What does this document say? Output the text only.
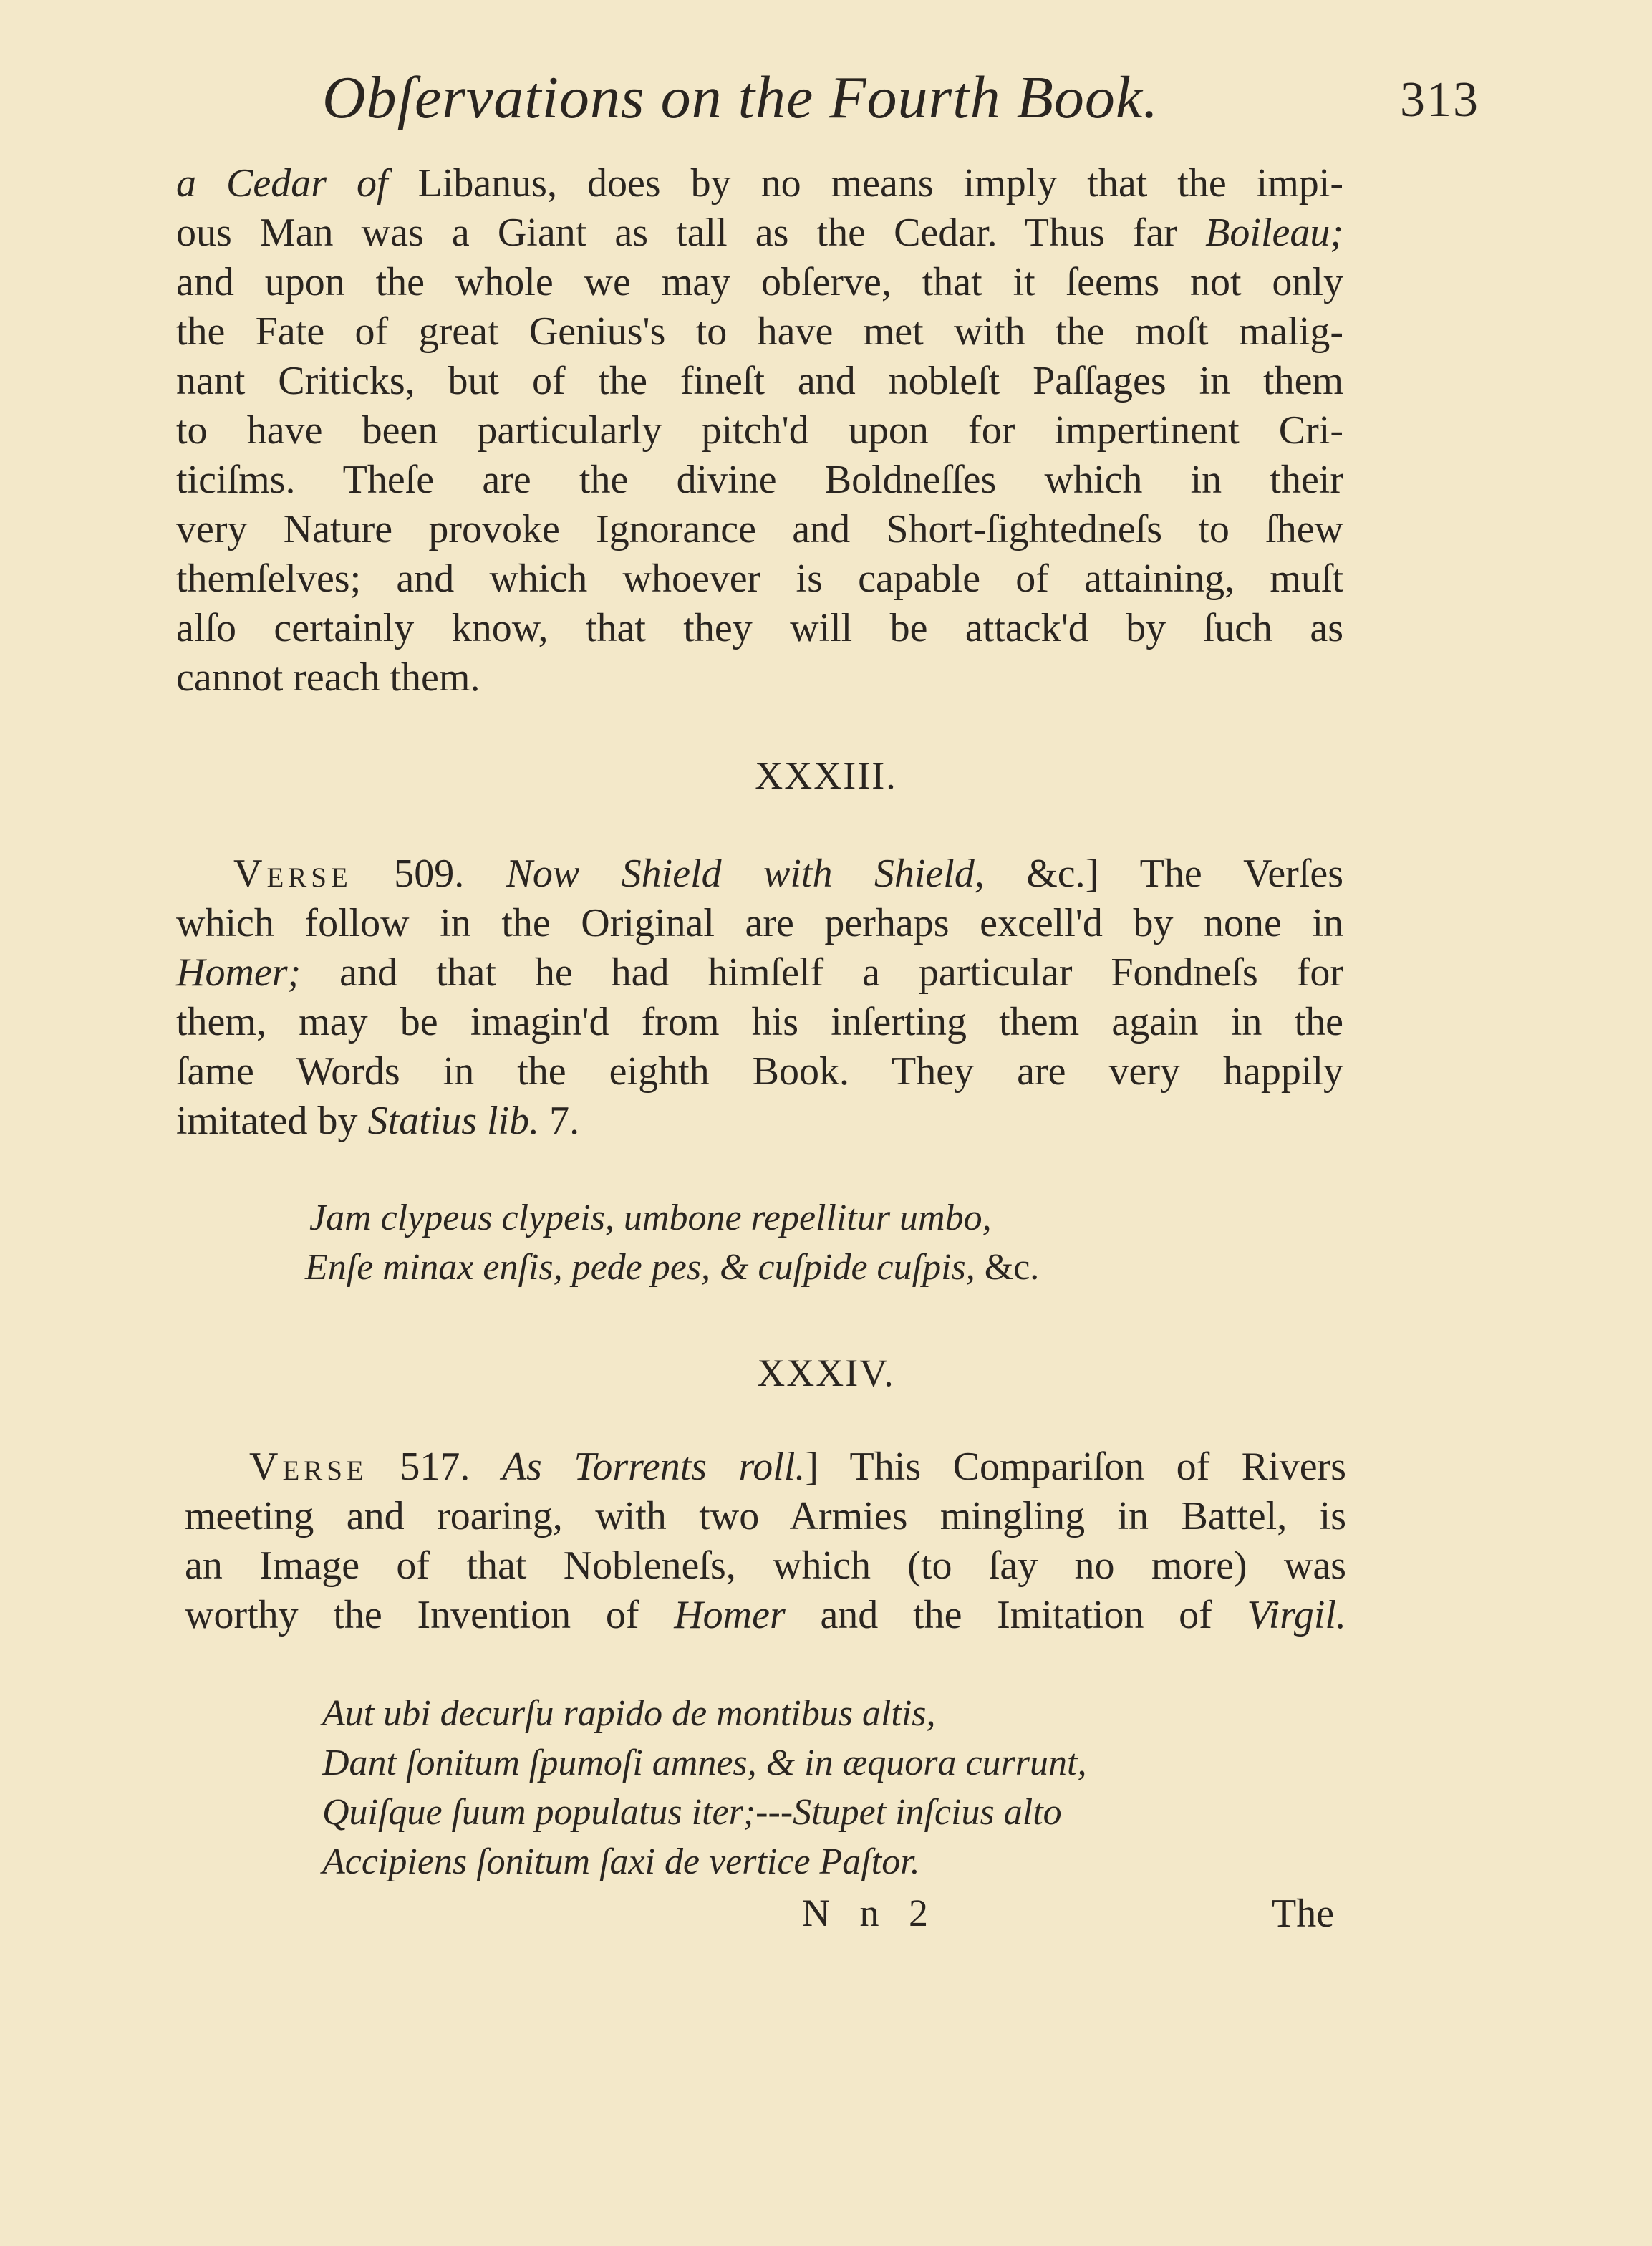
Obſervations on the Fourth Book.	313
a Cedar of Libanus, does by no means imply that the impi-
ous Man was a Giant as tall as the Cedar. Thus far Boileau;
and upon the whole we may obſerve, that it ſeems not only
the Fate of great Genius's to have met with the moſt malig-
nant Criticks, but of the fineſt and nobleſt Paſſages in them
to have been particularly pitch'd upon for impertinent Cri-
ticiſms. Theſe are the divine Boldneſſes which in their
very Nature provoke Ignorance and Short-ſightedneſs to ſhew
themſelves; and which whoever is capable of attaining, muſt
alſo certainly know, that they will be attack'd by ſuch as
cannot reach them.
XXXIII.
Verse 509. Now Shield with Shield, &c.] The Verſes
which follow in the Original are perhaps excell'd by none in
Homer; and that he had himſelf a particular Fondneſs for
them, may be imagin'd from his inſerting them again in the
ſame Words in the eighth Book. They are very happily
imitated by Statius lib. 7.
Jam clypeus clypeis, umbone repellitur umbo,
Enſe minax enſis, pede pes, & cuſpide cuſpis, &c.
XXXIV.
Verse 517. As Torrents roll.] This Compariſon of Rivers
meeting and roaring, with two Armies mingling in Battel, is
an Image of that Nobleneſs, which (to ſay no more) was
worthy the Invention of Homer and the Imitation of Virgil.
Aut ubi decurſu rapido de montibus altis,
Dant ſonitum ſpumoſi amnes, & in æquora currunt,
Quiſque ſuum populatus iter;---Stupet inſcius alto
Accipiens ſonitum ſaxi de vertice Paſtor.
N n 2	The
